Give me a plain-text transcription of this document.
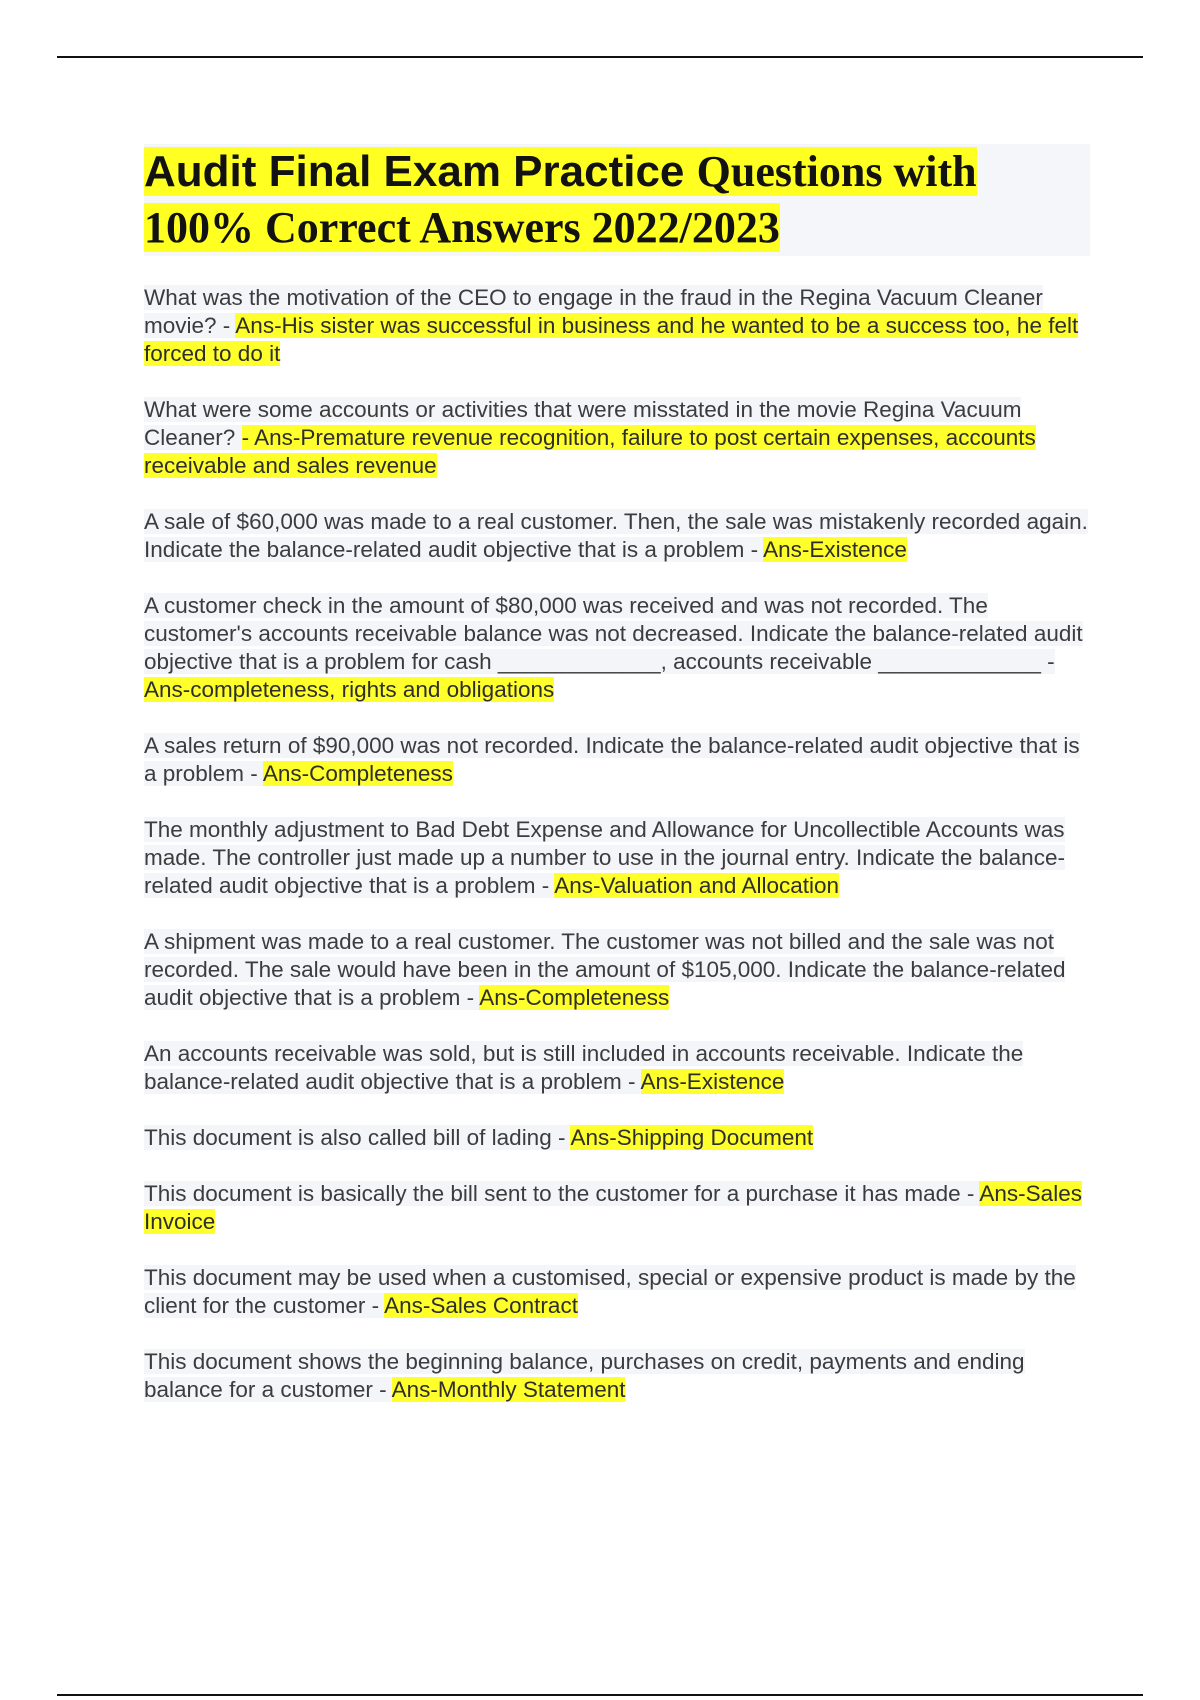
Audit Final Exam Practice Questions with 100% Correct Answers 2022/2023
What was the motivation of the CEO to engage in the fraud in the Regina Vacuum Cleaner movie? - Ans-His sister was successful in business and he wanted to be a success too, he felt forced to do it
What were some accounts or activities that were misstated in the movie Regina Vacuum Cleaner? - Ans-Premature revenue recognition, failure to post certain expenses, accounts receivable and sales revenue
A sale of $60,000 was made to a real customer. Then, the sale was mistakenly recorded again. Indicate the balance-related audit objective that is a problem - Ans-Existence
A customer check in the amount of $80,000 was received and was not recorded. The customer's accounts receivable balance was not decreased. Indicate the balance-related audit objective that is a problem for cash _____________, accounts receivable _____________ - Ans-completeness, rights and obligations
A sales return of $90,000 was not recorded. Indicate the balance-related audit objective that is a problem - Ans-Completeness
The monthly adjustment to Bad Debt Expense and Allowance for Uncollectible Accounts was made. The controller just made up a number to use in the journal entry. Indicate the balance-related audit objective that is a problem - Ans-Valuation and Allocation
A shipment was made to a real customer. The customer was not billed and the sale was not recorded. The sale would have been in the amount of $105,000. Indicate the balance-related audit objective that is a problem - Ans-Completeness
An accounts receivable was sold, but is still included in accounts receivable. Indicate the balance-related audit objective that is a problem - Ans-Existence
This document is also called bill of lading - Ans-Shipping Document
This document is basically the bill sent to the customer for a purchase it has made - Ans-Sales Invoice
This document may be used when a customised, special or expensive product is made by the client for the customer - Ans-Sales Contract
This document shows the beginning balance, purchases on credit, payments and ending balance for a customer - Ans-Monthly Statement
